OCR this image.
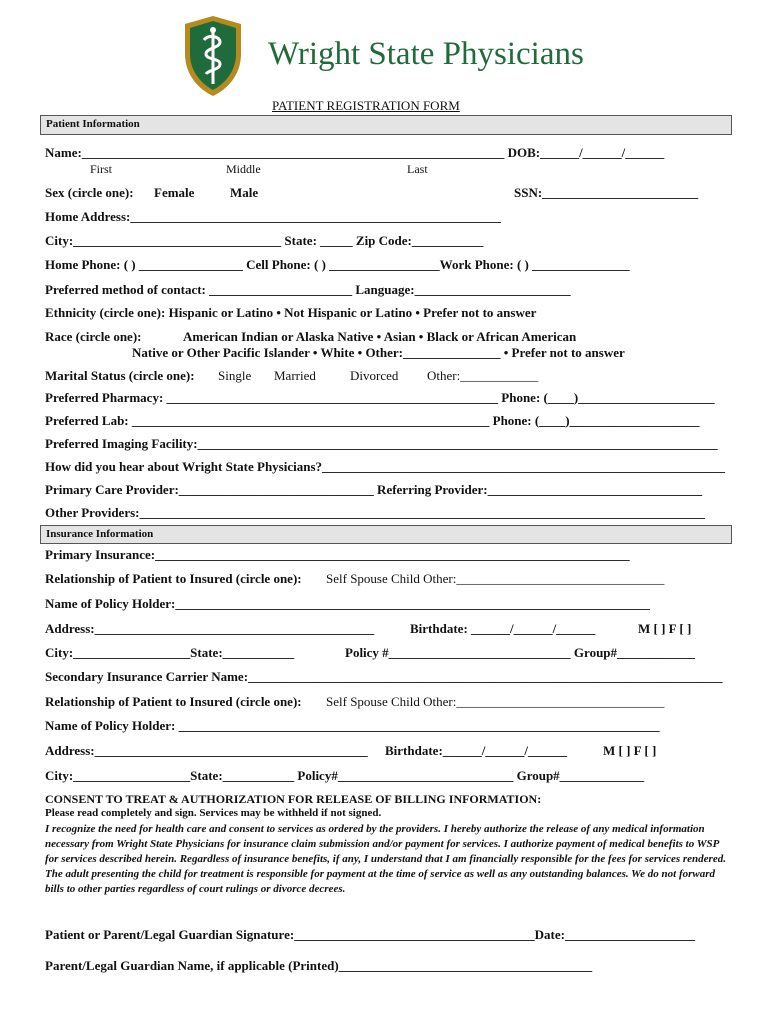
Wright State Physicians
PATIENT REGISTRATION FORM
Patient Information
Name:_________________________________________________________________ DOB:______/______/______
First	Middle	Last
Sex (circle one): Female	Male	SSN:________________________
Home Address:_________________________________________________________
City:________________________________ State: _____ Zip Code:___________
Home Phone: ( ) ________________ Cell Phone: ( ) _________________Work Phone: ( ) _______________
Preferred method of contact: ______________________ Language:________________________
Ethnicity (circle one): Hispanic or Latino • Not Hispanic or Latino • Prefer not to answer
Race (circle one):	American Indian or Alaska Native • Asian • Black or African American
Native or Other Pacific Islander • White • Other:_______________ • Prefer not to answer
Marital Status (circle one): Single Married	Divorced Other:____________
Preferred Pharmacy: ___________________________________________________ Phone: (____)_____________________
Preferred Lab: _______________________________________________________ Phone: (____)____________________
Preferred Imaging Facility:________________________________________________________________________________
How did you hear about Wright State Physicians?______________________________________________________________
Primary Care Provider:______________________________ Referring Provider:_________________________________
Other Providers:_______________________________________________________________________________________
Insurance Information
Primary Insurance:_________________________________________________________________________
Relationship of Patient to Insured (circle one): Self Spouse Child Other:________________________________
Name of Policy Holder:_________________________________________________________________________
Address:___________________________________________	Birthdate: ______/______/______	M [ ] F [ ]
City:__________________State:___________	Policy #____________________________ Group#____________
Secondary Insurance Carrier Name:_________________________________________________________________________
Relationship of Patient to Insured (circle one): Self Spouse Child Other:________________________________
Name of Policy Holder: __________________________________________________________________________
Address:__________________________________________ Birthdate:______/______/______	M [ ] F [ ]
City:__________________State:___________ Policy#___________________________ Group#_____________
CONSENT TO TREAT & AUTHORIZATION FOR RELEASE OF BILLING INFORMATION:
Please read completely and sign. Services may be withheld if not signed.
I recognize the need for health care and consent to services as ordered by the providers. I hereby authorize the release of any medical information necessary from Wright State Physicians for insurance claim submission and/or payment for services. I authorize payment of medical benefits to WSP for services described herein. Regardless of insurance benefits, if any, I understand that I am financially responsible for the fees for services rendered. The adult presenting the child for treatment is responsible for payment at the time of service as well as any outstanding balances. We do not forward bills to other parties regardless of court rulings or divorce decrees.
Patient or Parent/Legal Guardian Signature:_____________________________________Date:____________________
Parent/Legal Guardian Name, if applicable (Printed)_______________________________________
